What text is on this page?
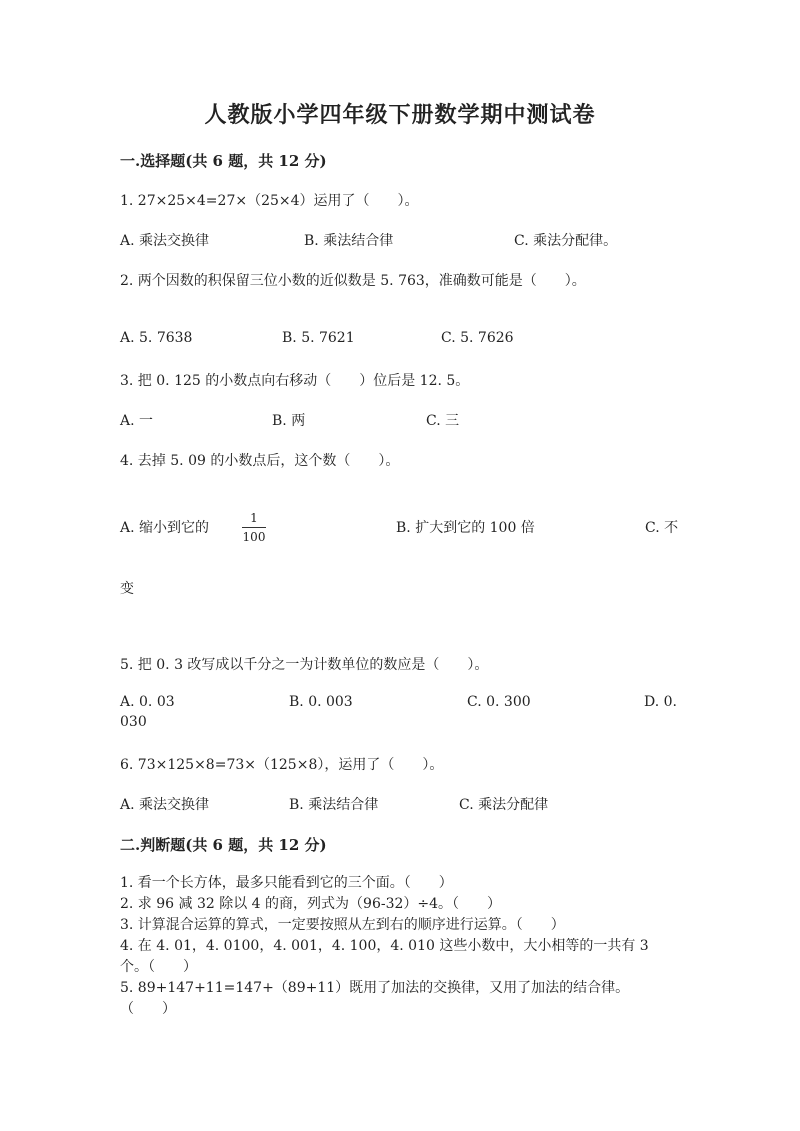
人教版小学四年级下册数学期中测试卷
一.选择题(共 6 题，共 12 分)
1. 27×25×4=27×（25×4）运用了（　　）。
A. 乘法交换律	B. 乘法结合律	C. 乘法分配律。
2. 两个因数的积保留三位小数的近似数是 5. 763，准确数可能是（　　）。
A. 5. 7638	B. 5. 7621	C. 5. 7626
3. 把 0. 125 的小数点向右移动（　　）位后是 12. 5。
A. 一	B. 两	C. 三
4. 去掉 5. 09 的小数点后，这个数（　　）。
A. 缩小到它的
1
100
B. 扩大到它的 100 倍	C. 不
变
5. 把 0. 3 改写成以千分之一为计数单位的数应是（　　）。
A. 0. 03	B. 0. 003	C. 0. 300	D. 0.
030
6. 73×125×8=73×（125×8），运用了（　　）。
A. 乘法交换律	B. 乘法结合律	C. 乘法分配律
二.判断题(共 6 题，共 12 分)
1. 看一个长方体，最多只能看到它的三个面。（　　）
2. 求 96 减 32 除以 4 的商，列式为（96-32）÷4。（　　）
3. 计算混合运算的算式，一定要按照从左到右的顺序进行运算。（　　）
4. 在 4. 01，4. 0100，4. 001，4. 100，4. 010 这些小数中，大小相等的一共有 3
个。（　　）
5. 89+147+11=147+（89+11）既用了加法的交换律，又用了加法的结合律。
（　　）
